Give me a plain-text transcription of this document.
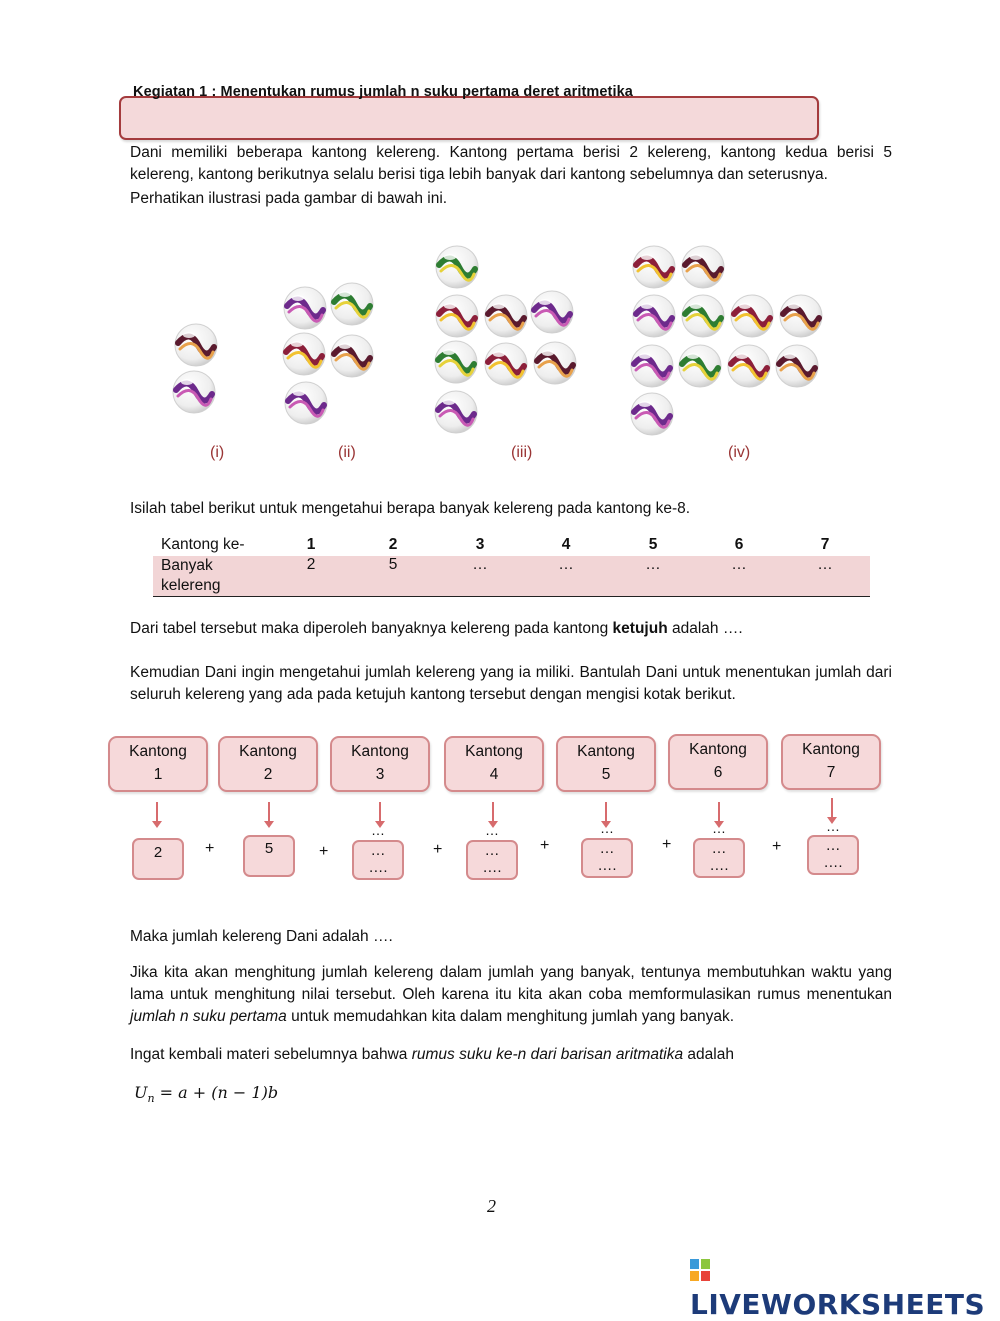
Kegiatan 1 : Menentukan rumus jumlah n suku pertama deret aritmetika
Dani memiliki beberapa kantong kelereng. Kantong pertama berisi 2 kelereng, kantong kedua berisi 5 kelereng, kantong berikutnya selalu berisi tiga lebih banyak dari kantong sebelumnya dan seterusnya.
Perhatikan ilustrasi pada gambar di bawah ini.
(i)	(ii)	(iii)	(iv)
Isilah tabel berikut untuk mengetahui berapa banyak kelereng pada kantong ke-8.
Kantong ke-	1	2	3	4	5	6	7
Banyak
kelereng
2	5	…	…	…	…	…
Dari tabel tersebut maka diperoleh banyaknya kelereng pada kantong ketujuh adalah ….
Kemudian Dani ingin mengetahui jumlah kelereng yang ia miliki. Bantulah Dani untuk menentukan jumlah dari seluruh kelereng yang ada pada ketujuh kantong tersebut dengan mengisi kotak berikut.
Kantong
1
Kantong
2
Kantong
3
Kantong
4
Kantong
5
Kantong
6
Kantong
7
2	5
…
…
….
…
…
….
…
…
….
…
…
….
…
…
….
+	+	+	+	+	+
Maka jumlah kelereng Dani adalah ….
Jika kita akan menghitung jumlah kelereng dalam jumlah yang banyak, tentunya membutuhkan waktu yang lama untuk menghitung nilai tersebut. Oleh karena itu kita akan coba memformulasikan rumus menentukan jumlah n suku pertama untuk memudahkan kita dalam menghitung jumlah yang banyak.
Ingat kembali materi sebelumnya bahwa rumus suku ke-n dari barisan aritmatika adalah
$U_n = a + (n - 1)b$
2
LIVEWORKSHEETS
